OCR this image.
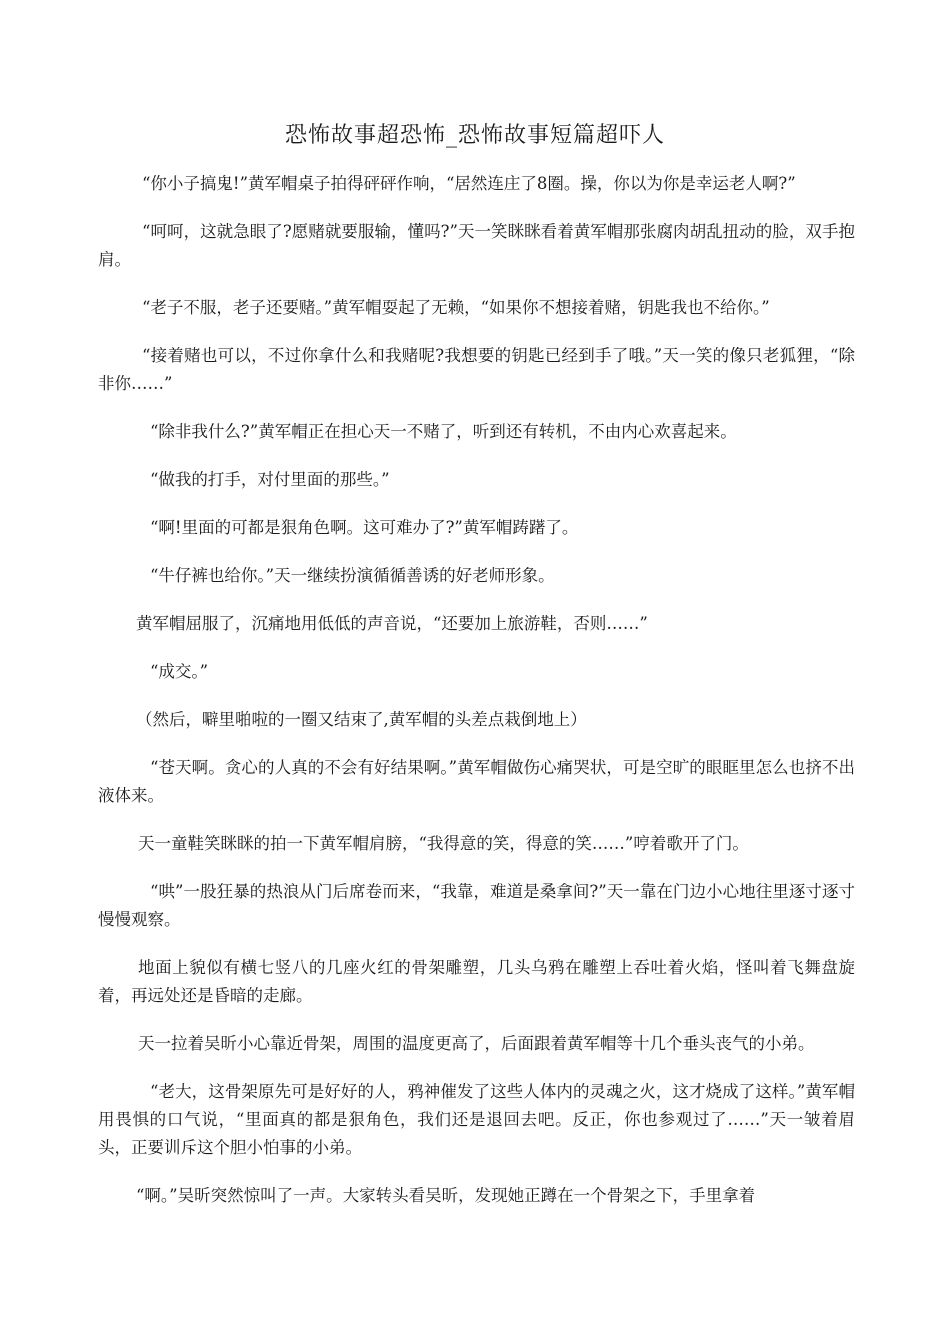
恐怖故事超恐怖_恐怖故事短篇超吓人

“你小子搞鬼!”黄军帽桌子拍得砰砰作响，“居然连庄了8圈。操，你以为你是幸运老人啊?”

“呵呵，这就急眼了?愿赌就要服输，懂吗?”天一笑眯眯看着黄军帽那张腐肉胡乱扭动的脸，双手抱肩。

“老子不服，老子还要赌。”黄军帽耍起了无赖，“如果你不想接着赌，钥匙我也不给你。”

“接着赌也可以，不过你拿什么和我赌呢?我想要的钥匙已经到手了哦。”天一笑的像只老狐狸，“除非你……”

“除非我什么?”黄军帽正在担心天一不赌了，听到还有转机，不由内心欢喜起来。

“做我的打手，对付里面的那些。”

“啊!里面的可都是狠角色啊。这可难办了?”黄军帽踌躇了。

“牛仔裤也给你。”天一继续扮演循循善诱的好老师形象。

黄军帽屈服了，沉痛地用低低的声音说，“还要加上旅游鞋，否则……”

“成交。”

（然后，噼里啪啦的一圈又结束了,黄军帽的头差点栽倒地上）

“苍天啊。贪心的人真的不会有好结果啊。”黄军帽做伤心痛哭状，可是空旷的眼眶里怎么也挤不出液体来。

天一童鞋笑眯眯的拍一下黄军帽肩膀，“我得意的笑，得意的笑……”哼着歌开了门。

“哄”一股狂暴的热浪从门后席卷而来，“我靠，难道是桑拿间?”天一靠在门边小心地往里逐寸逐寸慢慢观察。

地面上貌似有横七竖八的几座火红的骨架雕塑，几头乌鸦在雕塑上吞吐着火焰，怪叫着飞舞盘旋着，再远处还是昏暗的走廊。

天一拉着吴昕小心靠近骨架，周围的温度更高了，后面跟着黄军帽等十几个垂头丧气的小弟。

“老大，这骨架原先可是好好的人，鸦神催发了这些人体内的灵魂之火，这才烧成了这样。”黄军帽用畏惧的口气说，“里面真的都是狠角色，我们还是退回去吧。反正，你也参观过了……”天一皱着眉头，正要训斥这个胆小怕事的小弟。

“啊。”吴昕突然惊叫了一声。大家转头看吴昕，发现她正蹲在一个骨架之下，手里拿着
